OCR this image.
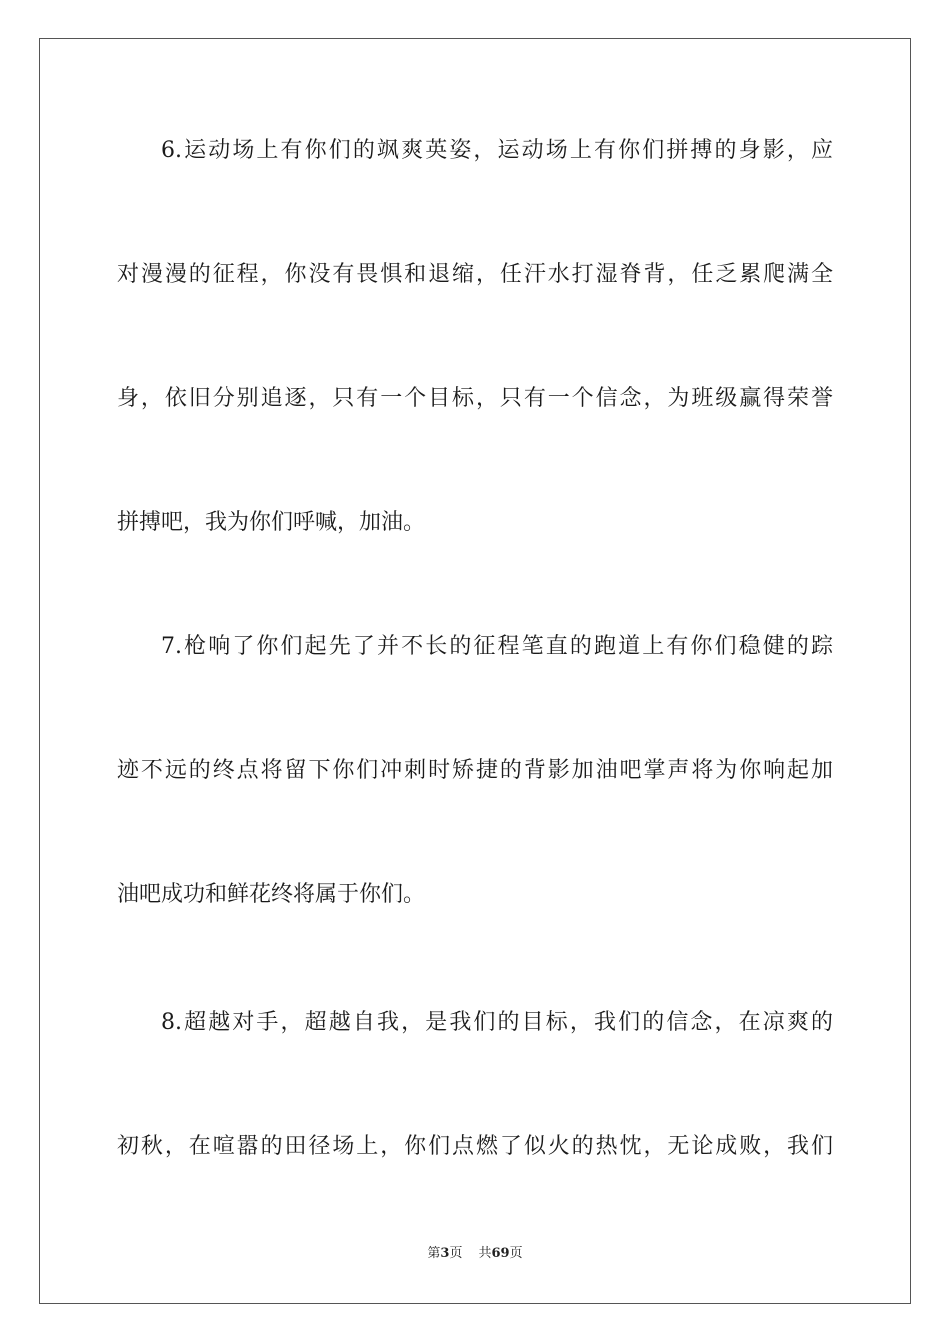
6.运动场上有你们的飒爽英姿，运动场上有你们拼搏的身影，应
对漫漫的征程，你没有畏惧和退缩，任汗水打湿脊背，任乏累爬满全
身，依旧分别追逐，只有一个目标，只有一个信念，为班级赢得荣誉
拼搏吧，我为你们呼喊，加油。
7.枪响了你们起先了并不长的征程笔直的跑道上有你们稳健的踪
迹不远的终点将留下你们冲刺时矫捷的背影加油吧掌声将为你响起加
油吧成功和鲜花终将属于你们。
8.超越对手，超越自我，是我们的目标，我们的信念，在凉爽的
初秋，在喧嚣的田径场上，你们点燃了似火的热忱，无论成败，我们
第3页 共69页
